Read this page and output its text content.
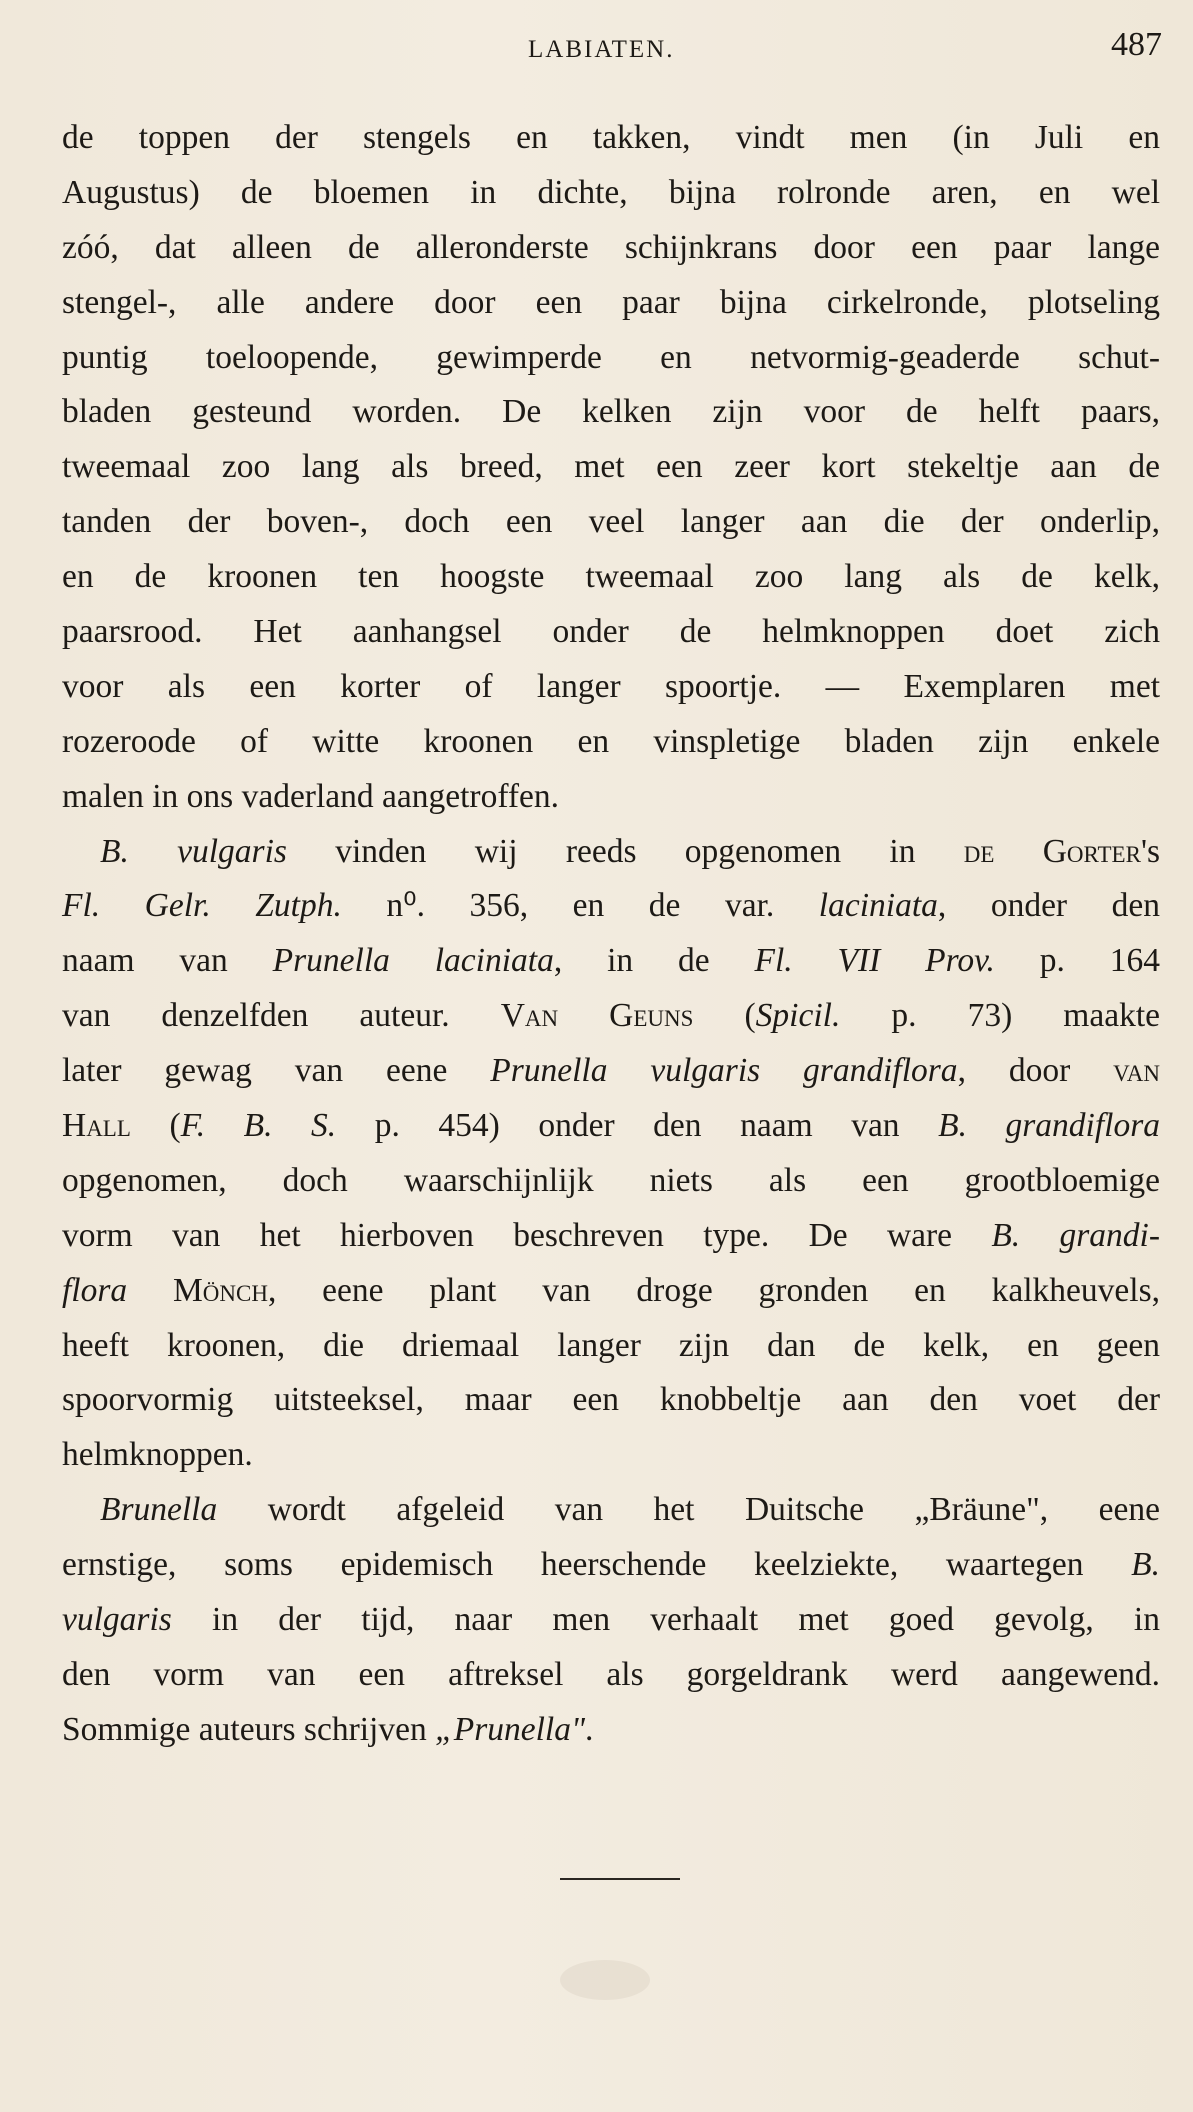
LABIATEN.	487
de toppen der stengels en takken, vindt men (in Juli en
Augustus) de bloemen in dichte, bijna rolronde aren, en wel
zóó, dat alleen de alleronderste schijnkrans door een paar lange
stengel-, alle andere door een paar bijna cirkelronde, plotseling
puntig toeloopende, gewimperde en netvormig-geaderde schut-
bladen gesteund worden. De kelken zijn voor de helft paars,
tweemaal zoo lang als breed, met een zeer kort stekeltje aan de
tanden der boven-, doch een veel langer aan die der onderlip,
en de kroonen ten hoogste tweemaal zoo lang als de kelk,
paarsrood. Het aanhangsel onder de helmknoppen doet zich
voor als een korter of langer spoortje. — Exemplaren met
rozeroode of witte kroonen en vinspletige bladen zijn enkele
malen in ons vaderland aangetroffen.
B. vulgaris vinden wij reeds opgenomen in de Gorter's
Fl. Gelr. Zutph. n⁰. 356, en de var. laciniata, onder den
naam van Prunella laciniata, in de Fl. VII Prov. p. 164
van denzelfden auteur. Van Geuns (Spicil. p. 73) maakte
later gewag van eene Prunella vulgaris grandiflora, door van
Hall (F. B. S. p. 454) onder den naam van B. grandiflora
opgenomen, doch waarschijnlijk niets als een grootbloemige
vorm van het hierboven beschreven type. De ware B. grandi-
flora Mönch, eene plant van droge gronden en kalkheuvels,
heeft kroonen, die driemaal langer zijn dan de kelk, en geen
spoorvormig uitsteeksel, maar een knobbeltje aan den voet der
helmknoppen.
Brunella wordt afgeleid van het Duitsche „Bräune", eene
ernstige, soms epidemisch heerschende keelziekte, waartegen B.
vulgaris in der tijd, naar men verhaalt met goed gevolg, in
den vorm van een aftreksel als gorgeldrank werd aangewend.
Sommige auteurs schrijven „Prunella".
